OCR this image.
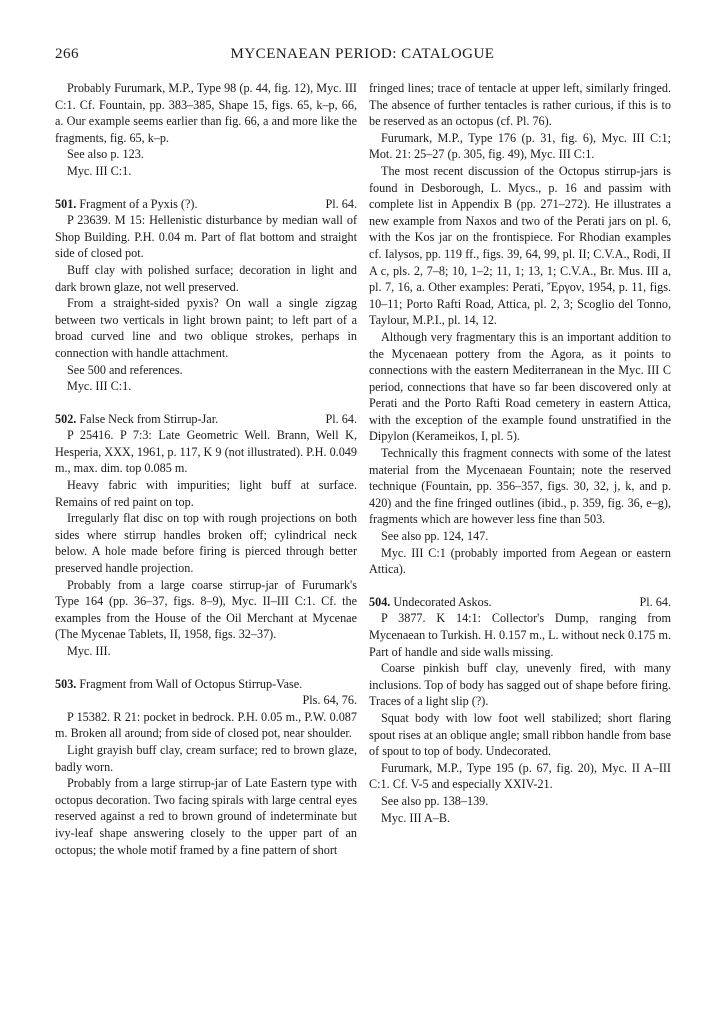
266	MYCENAEAN PERIOD: CATALOGUE

Probably Furumark, M.P., Type 98 (p. 44, fig. 12), Myc. III C:1. Cf. Fountain, pp. 383–385, Shape 15, figs. 65, k–p, 66, a. Our example seems earlier than fig. 66, a and more like the fragments, fig. 65, k–p.

See also p. 123.

Myc. III C:1.

501. Fragment of a Pyxis (?).	Pl. 64.

P 23639. M 15: Hellenistic disturbance by median wall of Shop Building. P.H. 0.04 m. Part of flat bottom and straight side of closed pot.

Buff clay with polished surface; decoration in light and dark brown glaze, not well preserved.

From a straight-sided pyxis? On wall a single zigzag between two verticals in light brown paint; to left part of a broad curved line and two oblique strokes, perhaps in connection with handle attachment.

See 500 and references.

Myc. III C:1.

502. False Neck from Stirrup-Jar.	Pl. 64.

P 25416. P 7:3: Late Geometric Well. Brann, Well K, Hesperia, XXX, 1961, p. 117, K 9 (not illustrated). P.H. 0.049 m., max. dim. top 0.085 m.

Heavy fabric with impurities; light buff at surface. Remains of red paint on top.

Irregularly flat disc on top with rough projections on both sides where stirrup handles broken off; cylindrical neck below. A hole made before firing is pierced through better preserved handle projection.

Probably from a large coarse stirrup-jar of Furumark's Type 164 (pp. 36–37, figs. 8–9), Myc. II–III C:1. Cf. the examples from the House of the Oil Merchant at Mycenae (The Mycenae Tablets, II, 1958, figs. 32–37).

Myc. III.

503. Fragment from Wall of Octopus Stirrup-Vase.
Pls. 64, 76.

P 15382. R 21: pocket in bedrock. P.H. 0.05 m., P.W. 0.087 m. Broken all around; from side of closed pot, near shoulder.

Light grayish buff clay, cream surface; red to brown glaze, badly worn.

Probably from a large stirrup-jar of Late Eastern type with octopus decoration. Two facing spirals with large central eyes reserved against a red to brown ground of indeterminate but ivy-leaf shape answering closely to the upper part of an octopus; the whole motif framed by a fine pattern of short

fringed lines; trace of tentacle at upper left, similarly fringed. The absence of further tentacles is rather curious, if this is to be reserved as an octopus (cf. Pl. 76).

Furumark, M.P., Type 176 (p. 31, fig. 6), Myc. III C:1; Mot. 21: 25–27 (p. 305, fig. 49), Myc. III C:1.

The most recent discussion of the Octopus stirrup-jars is found in Desborough, L. Mycs., p. 16 and passim with complete list in Appendix B (pp. 271–272). He illustrates a new example from Naxos and two of the Perati jars on pl. 6, with the Kos jar on the frontispiece. For Rhodian examples cf. Ialysos, pp. 119 ff., figs. 39, 64, 99, pl. II; C.V.A., Rodi, II A c, pls. 2, 7–8; 10, 1–2; 11, 1; 13, 1; C.V.A., Br. Mus. III a, pl. 7, 16, a. Other examples: Perati, Ἔργον, 1954, p. 11, figs. 10–11; Porto Rafti Road, Attica, pl. 2, 3; Scoglio del Tonno, Taylour, M.P.I., pl. 14, 12.

Although very fragmentary this is an important addition to the Mycenaean pottery from the Agora, as it points to connections with the eastern Mediterranean in the Myc. III C period, connections that have so far been discovered only at Perati and the Porto Rafti Road cemetery in eastern Attica, with the exception of the example found unstratified in the Dipylon (Kerameikos, I, pl. 5).

Technically this fragment connects with some of the latest material from the Mycenaean Fountain; note the reserved technique (Fountain, pp. 356–357, figs. 30, 32, j, k, and p. 420) and the fine fringed outlines (ibid., p. 359, fig. 36, e–g), fragments which are however less fine than 503.

See also pp. 124, 147.

Myc. III C:1 (probably imported from Aegean or eastern Attica).

504. Undecorated Askos.	Pl. 64.

P 3877. K 14:1: Collector's Dump, ranging from Mycenaean to Turkish. H. 0.157 m., L. without neck 0.175 m. Part of handle and side walls missing.

Coarse pinkish buff clay, unevenly fired, with many inclusions. Top of body has sagged out of shape before firing. Traces of a light slip (?).

Squat body with low foot well stabilized; short flaring spout rises at an oblique angle; small ribbon handle from base of spout to top of body. Undecorated.

Furumark, M.P., Type 195 (p. 67, fig. 20), Myc. II A–III C:1. Cf. V-5 and especially XXIV-21.

See also pp. 138–139.

Myc. III A–B.
